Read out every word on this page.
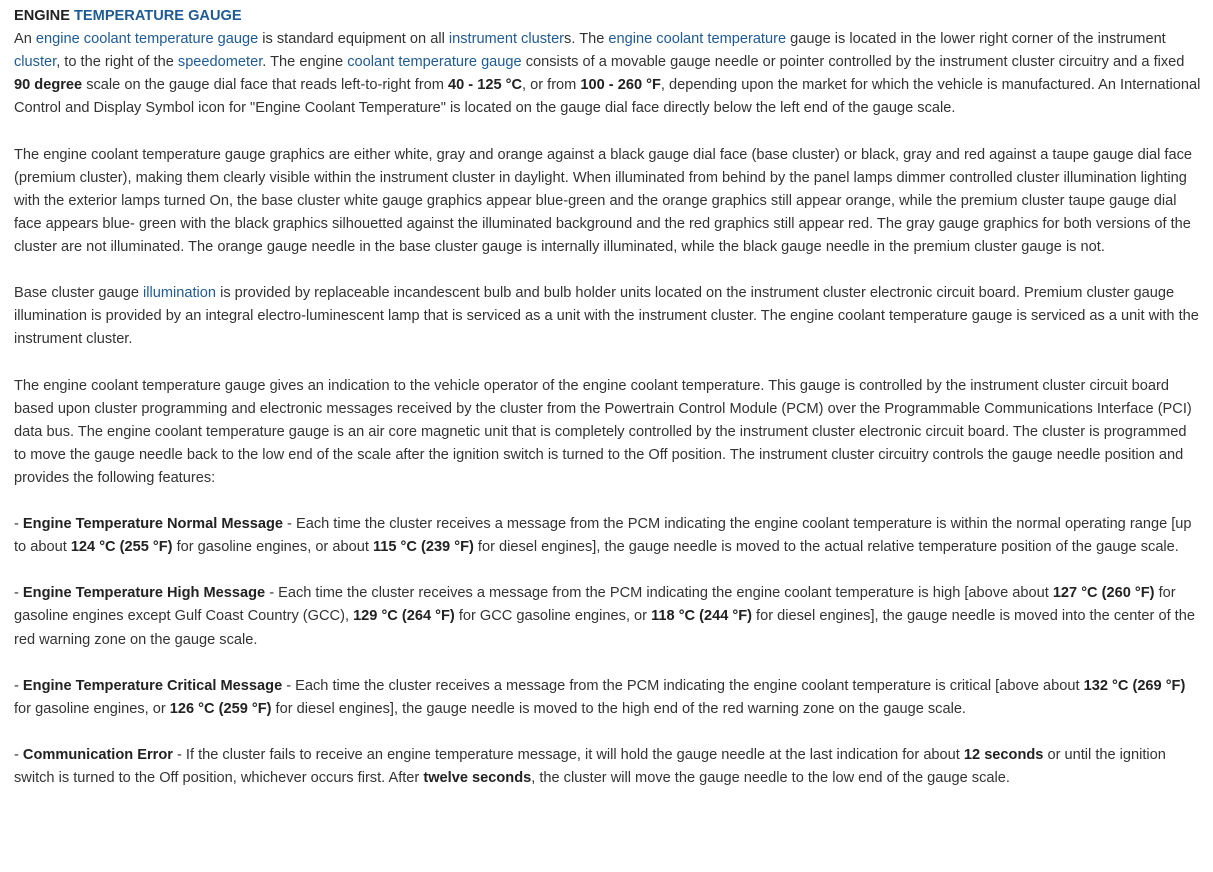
ENGINE TEMPERATURE GAUGE

An engine coolant temperature gauge is standard equipment on all instrument clusters. The engine coolant temperature gauge is located in the lower right corner of the instrument cluster, to the right of the speedometer. The engine coolant temperature gauge consists of a movable gauge needle or pointer controlled by the instrument cluster circuitry and a fixed 90 degree scale on the gauge dial face that reads left-to-right from 40 - 125 °C, or from 100 - 260 °F, depending upon the market for which the vehicle is manufactured. An International Control and Display Symbol icon for "Engine Coolant Temperature" is located on the gauge dial face directly below the left end of the gauge scale.

The engine coolant temperature gauge graphics are either white, gray and orange against a black gauge dial face (base cluster) or black, gray and red against a taupe gauge dial face (premium cluster), making them clearly visible within the instrument cluster in daylight. When illuminated from behind by the panel lamps dimmer controlled cluster illumination lighting with the exterior lamps turned On, the base cluster white gauge graphics appear blue-green and the orange graphics still appear orange, while the premium cluster taupe gauge dial face appears blue- green with the black graphics silhouetted against the illuminated background and the red graphics still appear red. The gray gauge graphics for both versions of the cluster are not illuminated. The orange gauge needle in the base cluster gauge is internally illuminated, while the black gauge needle in the premium cluster gauge is not.

Base cluster gauge illumination is provided by replaceable incandescent bulb and bulb holder units located on the instrument cluster electronic circuit board. Premium cluster gauge illumination is provided by an integral electro-luminescent lamp that is serviced as a unit with the instrument cluster. The engine coolant temperature gauge is serviced as a unit with the instrument cluster.

The engine coolant temperature gauge gives an indication to the vehicle operator of the engine coolant temperature. This gauge is controlled by the instrument cluster circuit board based upon cluster programming and electronic messages received by the cluster from the Powertrain Control Module (PCM) over the Programmable Communications Interface (PCI) data bus. The engine coolant temperature gauge is an air core magnetic unit that is completely controlled by the instrument cluster electronic circuit board. The cluster is programmed to move the gauge needle back to the low end of the scale after the ignition switch is turned to the Off position. The instrument cluster circuitry controls the gauge needle position and provides the following features:

- Engine Temperature Normal Message - Each time the cluster receives a message from the PCM indicating the engine coolant temperature is within the normal operating range [up to about 124 °C (255 °F) for gasoline engines, or about 115 °C (239 °F) for diesel engines], the gauge needle is moved to the actual relative temperature position of the gauge scale.

- Engine Temperature High Message - Each time the cluster receives a message from the PCM indicating the engine coolant temperature is high [above about 127 °C (260 °F) for gasoline engines except Gulf Coast Country (GCC), 129 °C (264 °F) for GCC gasoline engines, or 118 °C (244 °F) for diesel engines], the gauge needle is moved into the center of the red warning zone on the gauge scale.

- Engine Temperature Critical Message - Each time the cluster receives a message from the PCM indicating the engine coolant temperature is critical [above about 132 °C (269 °F) for gasoline engines, or 126 °C (259 °F) for diesel engines], the gauge needle is moved to the high end of the red warning zone on the gauge scale.

- Communication Error - If the cluster fails to receive an engine temperature message, it will hold the gauge needle at the last indication for about 12 seconds or until the ignition switch is turned to the Off position, whichever occurs first. After twelve seconds, the cluster will move the gauge needle to the low end of the gauge scale.
